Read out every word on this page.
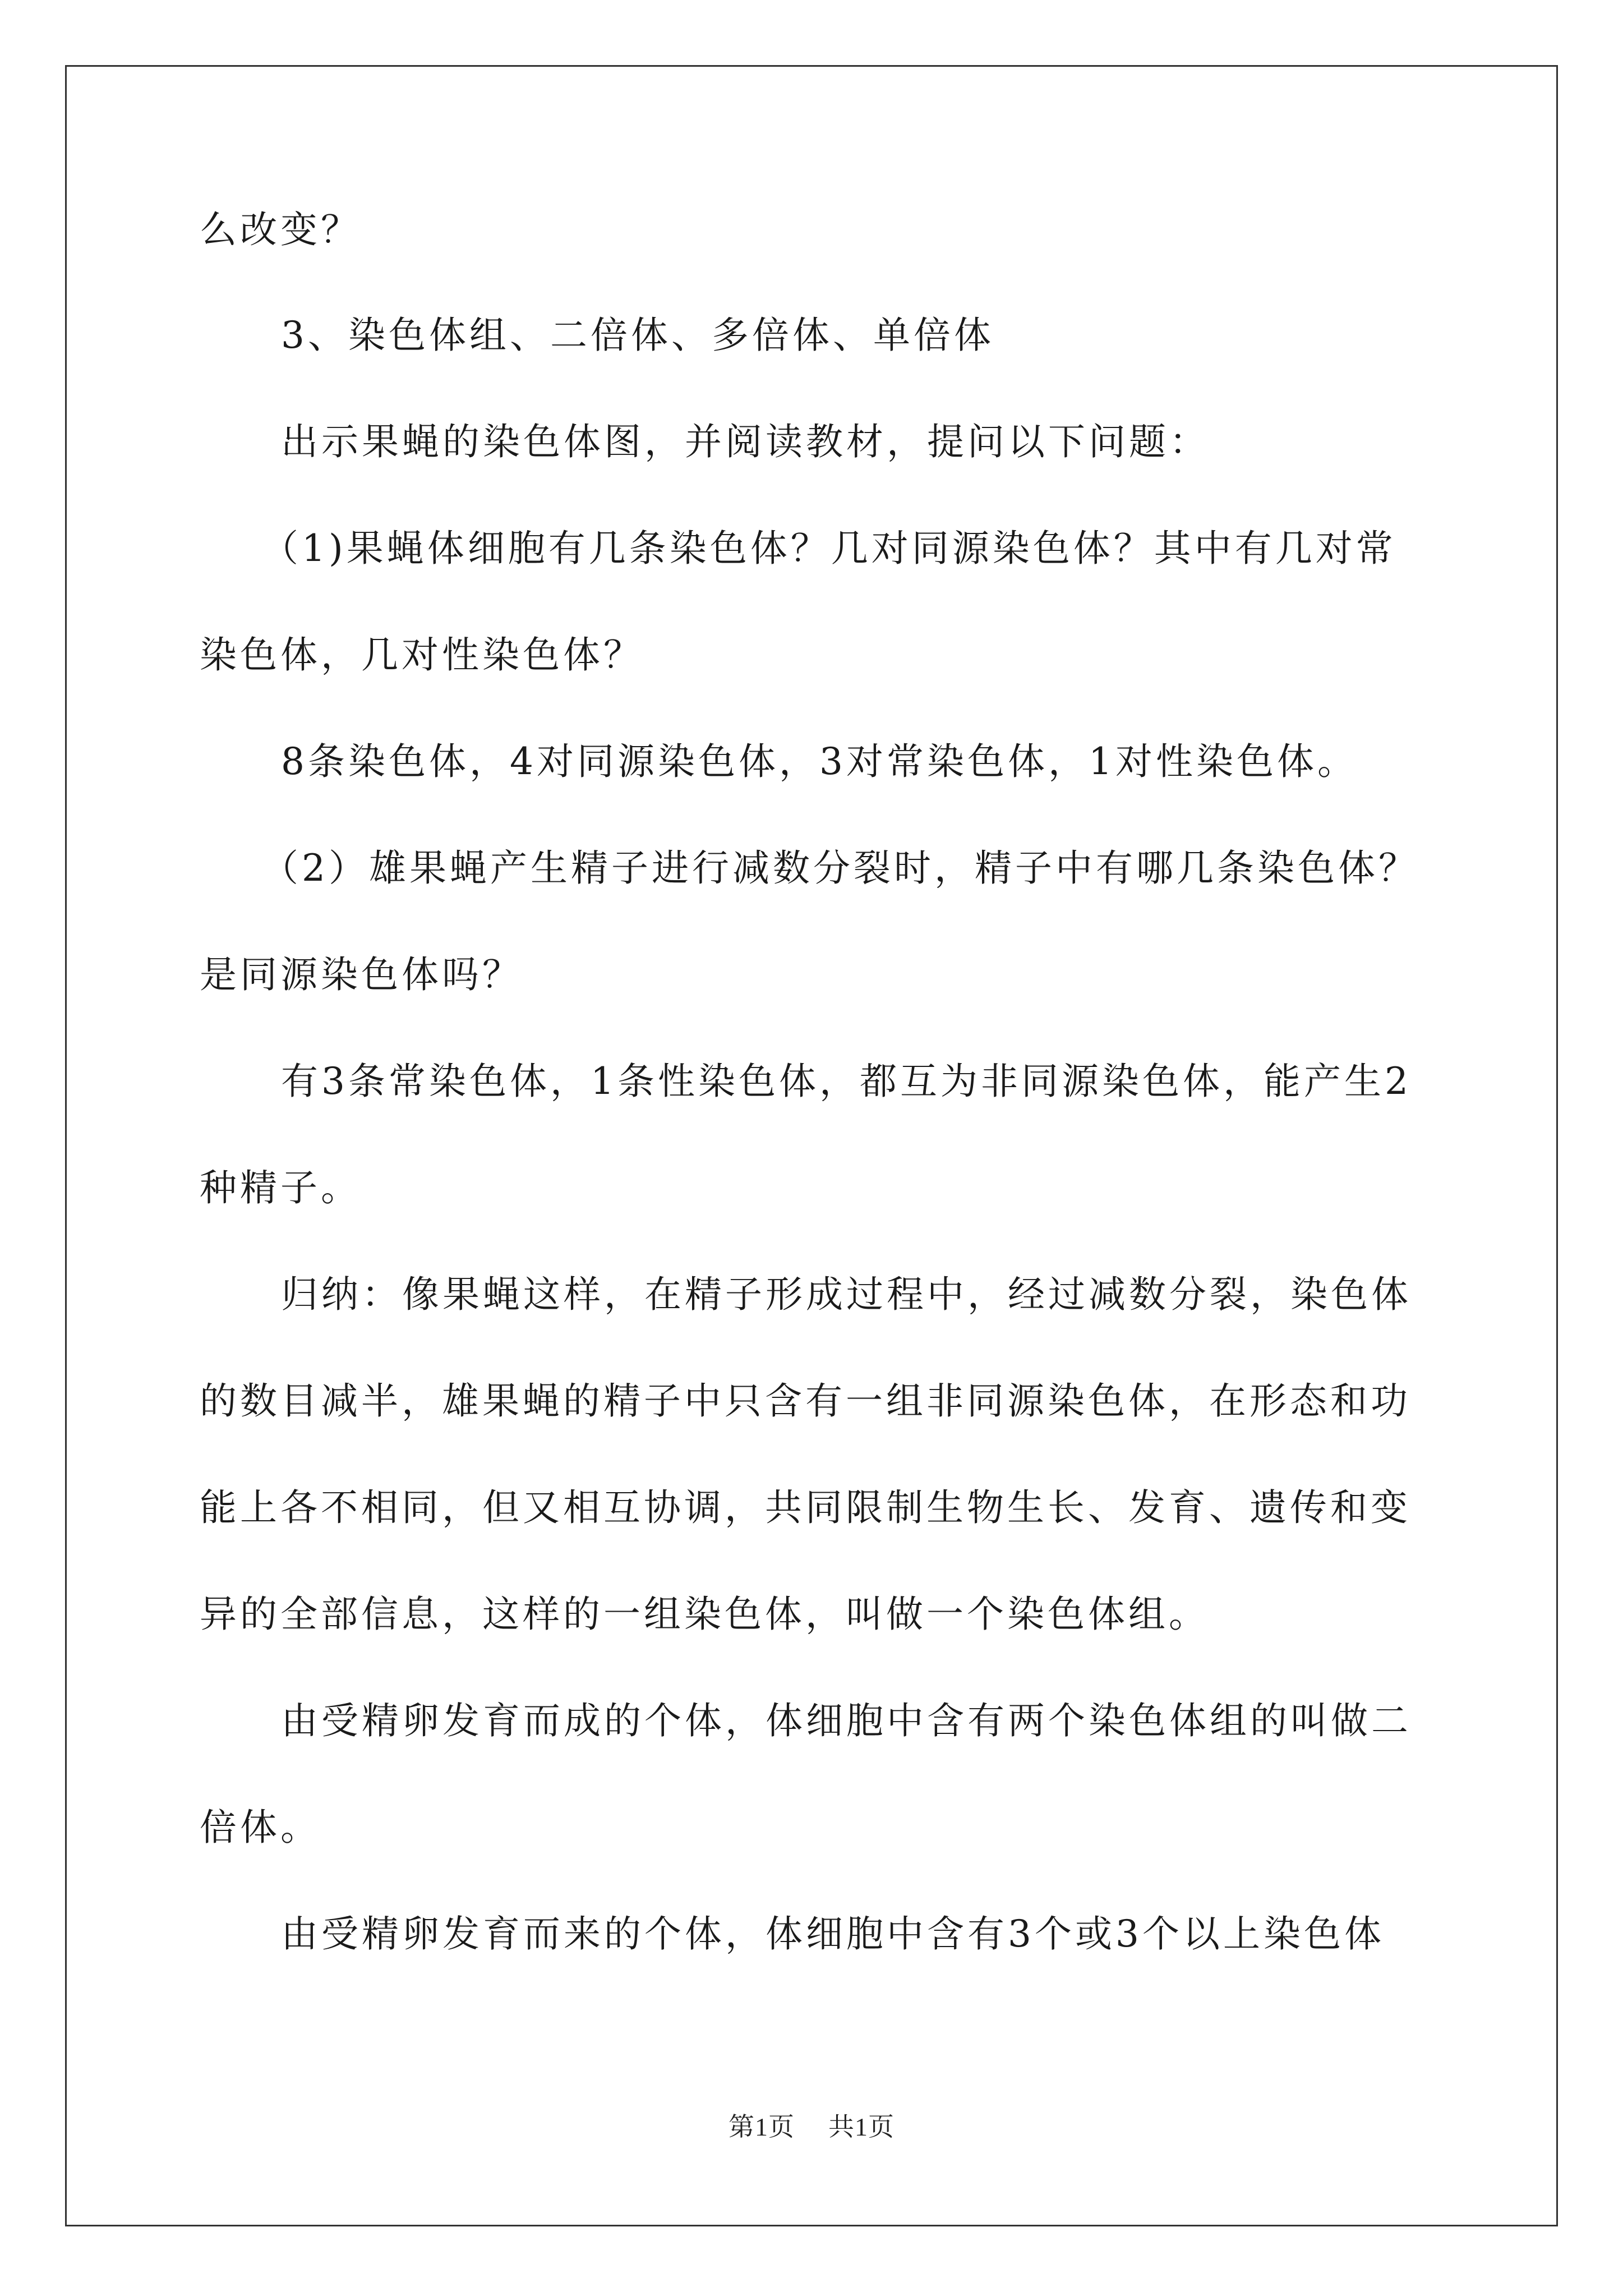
么改变？
3、染色体组、二倍体、多倍体、单倍体
出示果蝇的染色体图，并阅读教材，提问以下问题：
（1)果蝇体细胞有几条染色体？几对同源染色体？其中有几对常
染色体，几对性染色体？
8条染色体，4对同源染色体，3对常染色体，1对性染色体。
（2）雄果蝇产生精子进行减数分裂时，精子中有哪几条染色体？
是同源染色体吗？
有3条常染色体，1条性染色体，都互为非同源染色体，能产生2
种精子。
归纳：像果蝇这样，在精子形成过程中，经过减数分裂，染色体
的数目减半，雄果蝇的精子中只含有一组非同源染色体，在形态和功
能上各不相同，但又相互协调，共同限制生物生长、发育、遗传和变
异的全部信息，这样的一组染色体，叫做一个染色体组。
由受精卵发育而成的个体，体细胞中含有两个染色体组的叫做二
倍体。
由受精卵发育而来的个体，体细胞中含有3个或3个以上染色体
第1页 共1页
